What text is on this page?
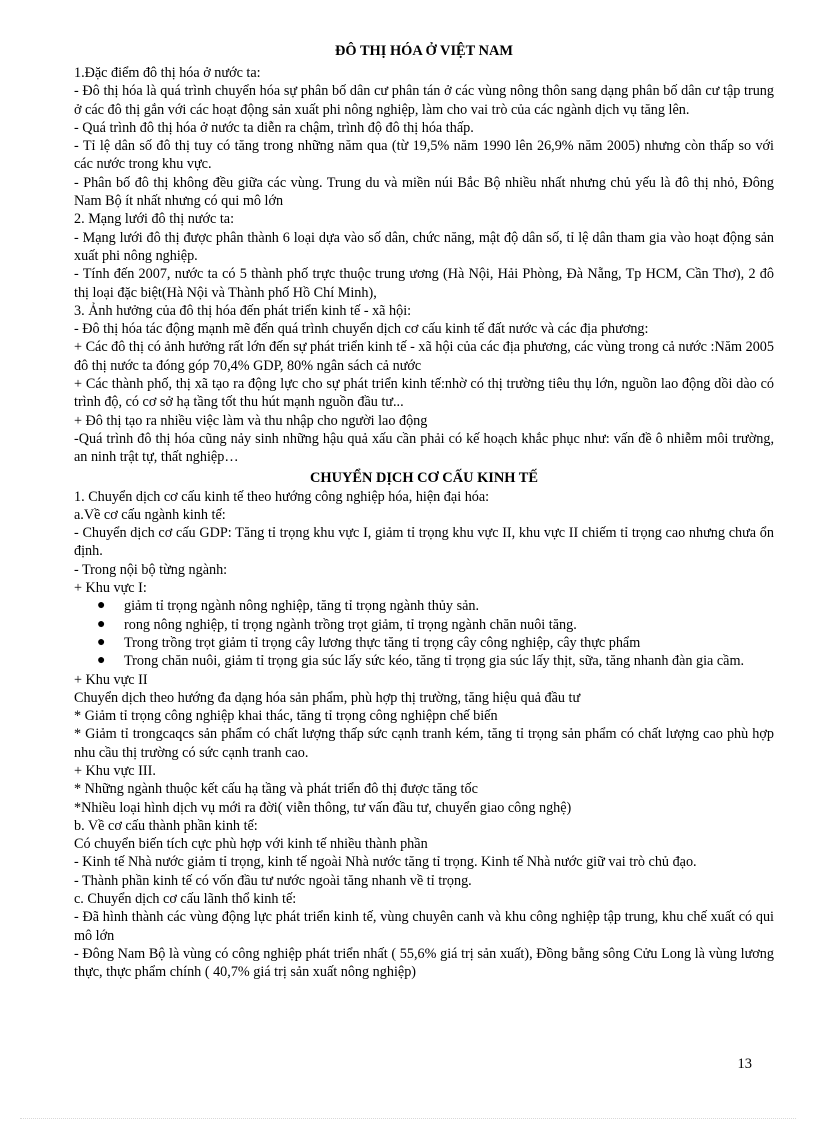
ĐÔ THỊ HÓA Ở VIỆT NAM

1.Đặc điểm đô thị hóa ở nước ta:

- Đô thị hóa là quá trình chuyển hóa sự phân bố dân cư phân tán ở các vùng nông thôn sang dạng phân bố dân cư tập trung ở các đô thị gắn với các hoạt động sản xuất phi nông nghiệp, làm cho vai trò của các ngành dịch vụ tăng lên.

- Quá trình đô thị hóa ở nước ta diễn ra chậm, trình độ đô thị hóa thấp.

- Tỉ lệ dân số đô thị tuy có tăng trong những năm qua (từ 19,5% năm 1990 lên 26,9% năm 2005) nhưng còn thấp so với các nước trong khu vực.

- Phân bố đô thị không đều giữa các vùng. Trung du và miền núi Bắc Bộ nhiều nhất nhưng chủ yếu là đô thị nhỏ, Đông Nam Bộ ít nhất nhưng có qui mô lớn

2. Mạng lưới đô thị nước ta:

- Mạng lưới đô thị được phân thành 6 loại dựa vào số dân, chức năng, mật độ dân số, tỉ lệ dân tham gia vào hoạt động sản xuất phi nông nghiệp.

- Tính đến 2007, nước ta có 5 thành phố trực thuộc trung ương (Hà Nội, Hải Phòng, Đà Nẵng, Tp HCM, Cần Thơ), 2 đô thị loại đặc biệt(Hà Nội và Thành phố Hồ Chí Minh),

3. Ảnh hưởng của đô thị hóa đến phát triển kinh tế - xã hội:

- Đô thị hóa tác động mạnh mẽ đến quá trình chuyển dịch cơ cấu kinh tế đất nước và các địa phương:

+ Các đô thị có ảnh hưởng rất lớn đến sự phát triển kinh tế - xã hội của các địa phương, các vùng trong cả nước :Năm 2005 đô thị nước ta đóng góp 70,4% GDP, 80% ngân sách cả nước

+ Các thành phố, thị xã tạo ra động lực cho sự phát triển kinh tế:nhờ có thị trường tiêu thụ lớn, nguồn lao động dồi dào có trình độ, có cơ sở hạ tầng tốt thu hút mạnh nguồn đầu tư...

+ Đô thị tạo ra nhiều việc làm và thu nhập cho người lao động

-Quá trình đô thị hóa cũng nảy sinh những hậu quả xấu cần phải có kế hoạch khắc phục như: vấn đề ô nhiễm môi trường, an ninh trật tự, thất nghiệp…

CHUYỂN DỊCH CƠ CẤU KINH TẾ

1. Chuyển dịch cơ cấu kinh tế theo hướng công nghiệp hóa, hiện đại hóa:

a.Về cơ cấu ngành kinh tế:

- Chuyển dịch cơ cấu GDP: Tăng tỉ trọng khu vực I, giảm tỉ trọng khu vực II, khu vực II chiếm tỉ trọng cao nhưng chưa ổn định.

- Trong nội bộ từng ngành:

+ Khu vực I:

● giảm tỉ trọng ngành nông nghiệp, tăng tỉ trọng ngành thủy sản.
● rong nông nghiệp, tỉ trọng ngành trồng trọt giảm, tỉ trọng ngành chăn nuôi tăng.
● Trong trồng trọt giảm tỉ trọng cây lương thực tăng tỉ trọng cây công nghiệp, cây thực phẩm
● Trong chăn nuôi, giảm tỉ trọng gia súc lấy sức kéo, tăng tỉ trọng gia súc lấy thịt, sữa, tăng nhanh đàn gia cầm.

+ Khu vực II

Chuyển dịch theo hướng đa dạng hóa sản phẩm, phù hợp thị trường, tăng hiệu quả đầu tư

* Giảm tỉ trọng công nghiệp khai thác, tăng tỉ trọng công nghiệpn chế biến

* Giảm tỉ trongcaqcs sản phẩm có chất lượng thấp sức cạnh tranh kém, tăng tỉ trọng sản phẩm có chất lượng cao phù hợp nhu cầu thị trường có sức cạnh tranh cao.

+ Khu vực III.

* Những ngành thuộc kết cấu hạ tầng và phát triển đô thị được tăng tốc

*Nhiều loại hình dịch vụ mới ra đời( viễn thông, tư vấn đầu tư, chuyển giao công nghệ)

b. Về cơ cấu thành phần kinh tế:

Có chuyển biến tích cực phù hợp với kinh tế nhiều thành phần

- Kinh tế Nhà nước giảm tỉ trọng, kinh tế ngoài Nhà nước tăng tỉ trọng. Kinh tế Nhà nước giữ vai trò chủ đạo.

- Thành phần kinh tế có vốn đầu tư nước ngoài tăng nhanh về tỉ trọng.

c. Chuyển dịch cơ cấu lãnh thổ kinh tế:

- Đã hình thành các vùng động lực phát triển kinh tế, vùng chuyên canh và khu công nghiệp tập trung, khu chế xuất có qui mô lớn

- Đông Nam Bộ là vùng có công nghiệp phát triển nhất ( 55,6% giá trị sản xuất), Đồng bằng sông Cửu Long là vùng lương thực, thực phẩm chính ( 40,7% giá trị sản xuất nông nghiệp)

13
